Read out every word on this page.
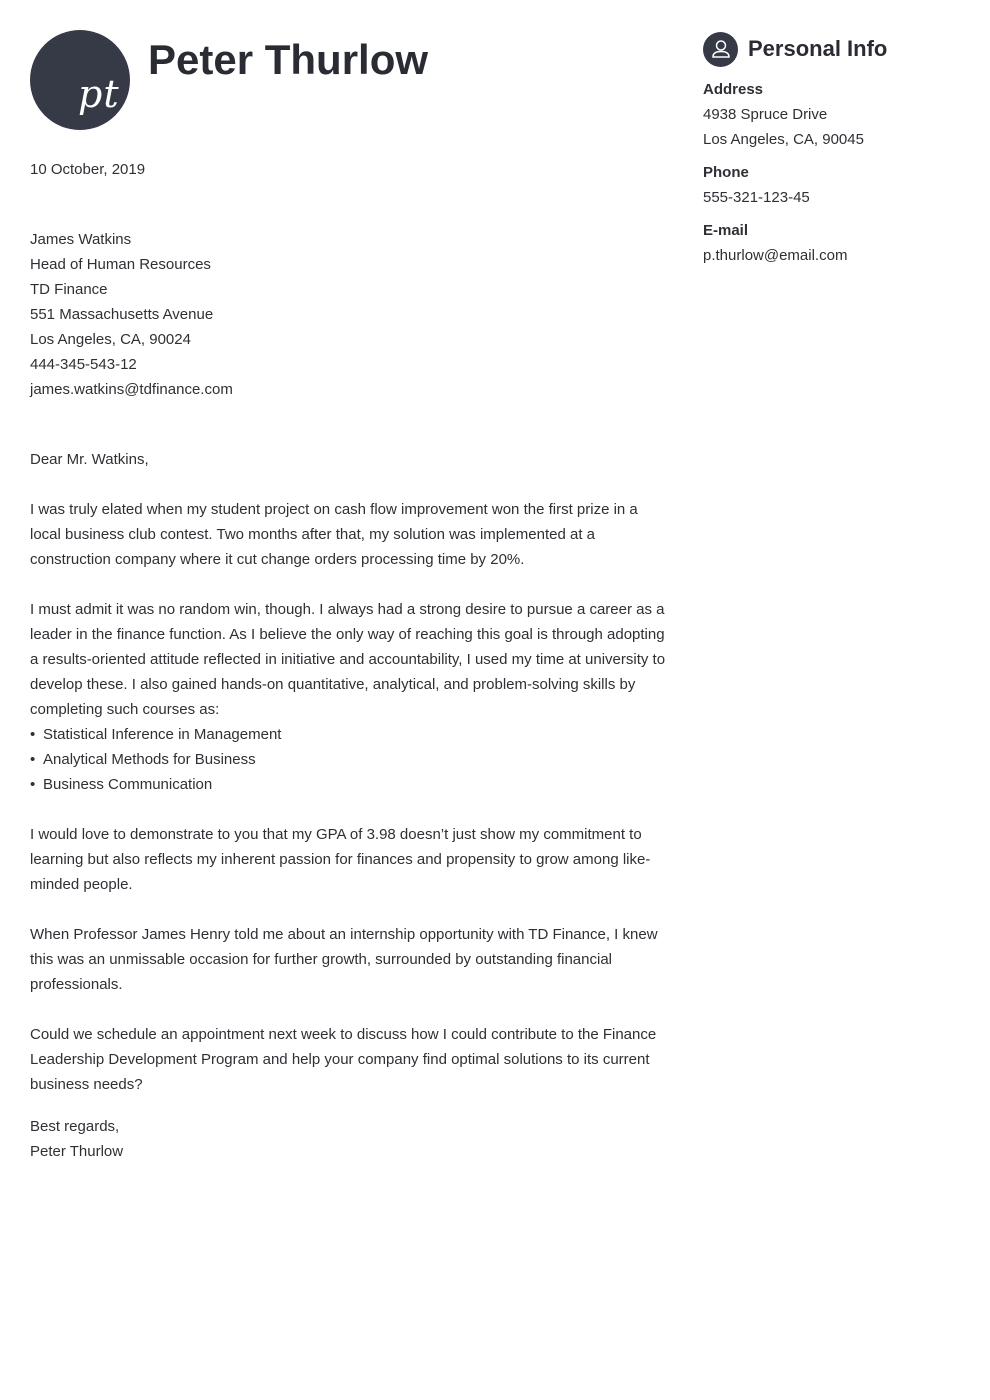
pt
Peter Thurlow

10 October, 2019

James Watkins

Head of Human Resources

TD Finance

551 Massachusetts Avenue

Los Angeles, CA, 90024

444-345-543-12

james.watkins@tdfinance.com

Dear Mr. Watkins,

I was truly elated when my student project on cash flow improvement won the first prize in a local business club contest. Two months after that, my solution was implemented at a construction company where it cut change orders processing time by 20%.

I must admit it was no random win, though. I always had a strong desire to pursue a career as a leader in the finance function. As I believe the only way of reaching this goal is through adopting a results-oriented attitude reflected in initiative and accountability, I used my time at university to develop these. I also gained hands-on quantitative, analytical, and problem-solving skills by completing such courses as:

• Statistical Inference in Management
• Analytical Methods for Business
• Business Communication

I would love to demonstrate to you that my GPA of 3.98 doesn’t just show my commitment to learning but also reflects my inherent passion for finances and propensity to grow among like-minded people.

When Professor James Henry told me about an internship opportunity with TD Finance, I knew this was an unmissable occasion for further growth, surrounded by outstanding financial professionals.

Could we schedule an appointment next week to discuss how I could contribute to the Finance Leadership Development Program and help your company find optimal solutions to its current business needs?

Best regards,

Peter Thurlow

Personal Info
Address
4938 Spruce Drive
Los Angeles, CA, 90045
Phone
555-321-123-45
E-mail
p.thurlow@email.com
